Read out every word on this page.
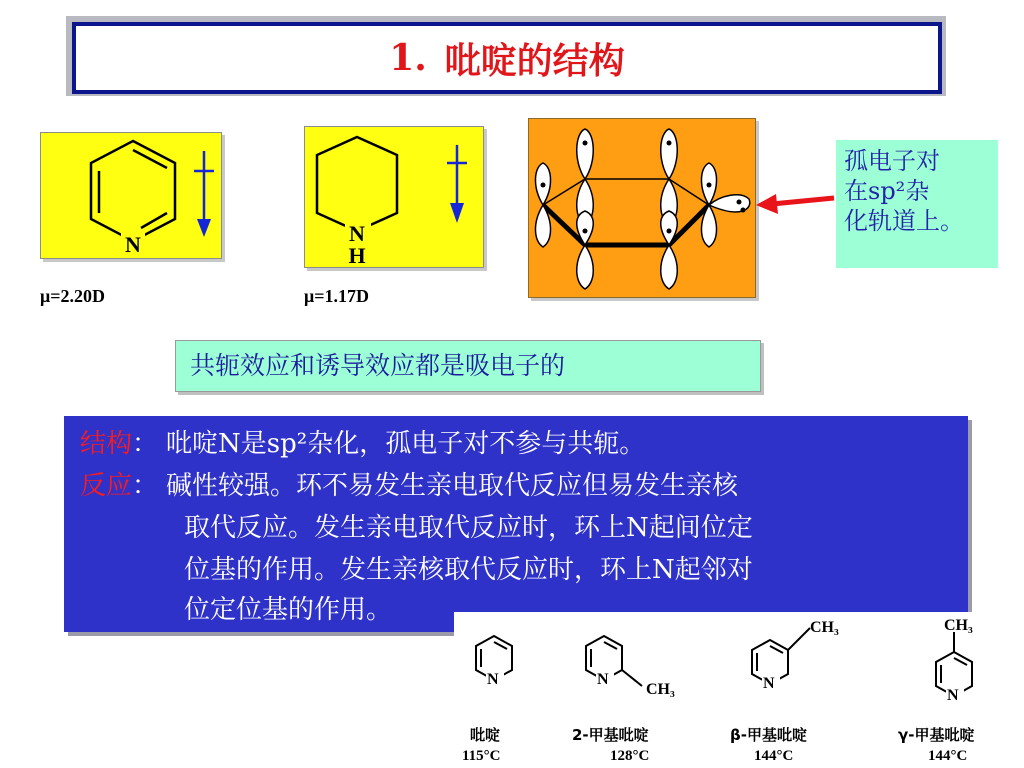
1. 吡啶的结构
N
μ=2.20D
N
H
μ=1.17D
孤电子对
在sp²杂
化轨道上。
共轭效应和诱导效应都是吸电子的
结构： 吡啶N是sp²杂化，孤电子对不参与共轭。
反应： 碱性较强。环不易发生亲电取代反应但易发生亲核
取代反应。发生亲电取代反应时，环上N起间位定
位基的作用。发生亲核取代反应时，环上N起邻对
位定位基的作用。
N	N	N
N
CH₃
CH₃	CH₃
吡啶
115°C
2-甲基吡啶
128°C
β-甲基吡啶
144°C
γ-甲基吡啶
144°C
